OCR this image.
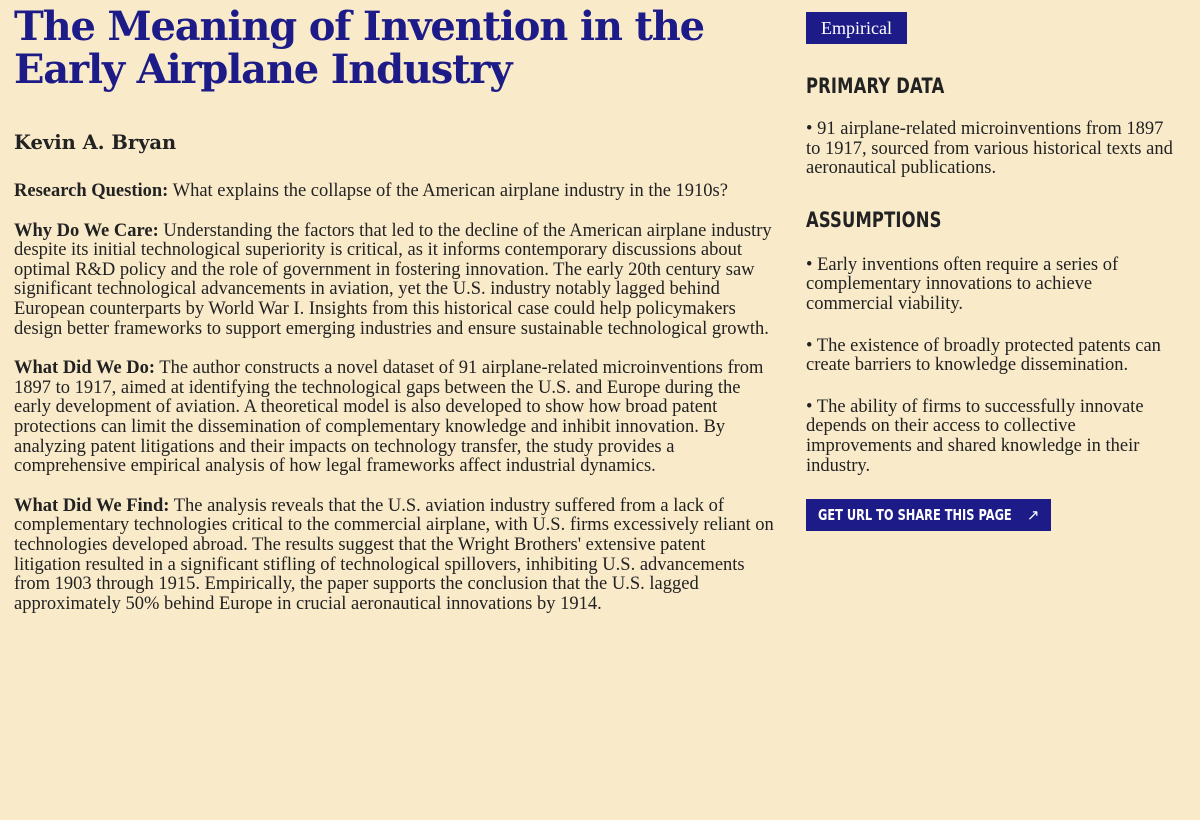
The Meaning of Invention in the Early Airplane Industry
Kevin A. Bryan

Research Question: What explains the collapse of the American airplane industry in the 1910s?

Why Do We Care: Understanding the factors that led to the decline of the American airplane industry despite its initial technological superiority is critical, as it informs contemporary discussions about optimal R&D policy and the role of government in fostering innovation. The early 20th century saw significant technological advancements in aviation, yet the U.S. industry notably lagged behind European counterparts by World War I. Insights from this historical case could help policymakers design better frameworks to support emerging industries and ensure sustainable technological growth.

What Did We Do: The author constructs a novel dataset of 91 airplane-related microinventions from 1897 to 1917, aimed at identifying the technological gaps between the U.S. and Europe during the early development of aviation. A theoretical model is also developed to show how broad patent protections can limit the dissemination of complementary knowledge and inhibit innovation. By analyzing patent litigations and their impacts on technology transfer, the study provides a comprehensive empirical analysis of how legal frameworks affect industrial dynamics.

What Did We Find: The analysis reveals that the U.S. aviation industry suffered from a lack of complementary technologies critical to the commercial airplane, with U.S. firms excessively reliant on technologies developed abroad. The results suggest that the Wright Brothers' extensive patent litigation resulted in a significant stifling of technological spillovers, inhibiting U.S. advancements from 1903 through 1915. Empirically, the paper supports the conclusion that the U.S. lagged approximately 50% behind Europe in crucial aeronautical innovations by 1914.

Empirical
PRIMARY DATA
• 91 airplane-related microinventions from 1897 to 1917, sourced from various historical texts and aeronautical publications.
ASSUMPTIONS
• Early inventions often require a series of complementary innovations to achieve commercial viability.
• The existence of broadly protected patents can create barriers to knowledge dissemination.
• The ability of firms to successfully innovate depends on their access to collective improvements and shared knowledge in their industry.
GET URL TO SHARE THIS PAGE ↗
